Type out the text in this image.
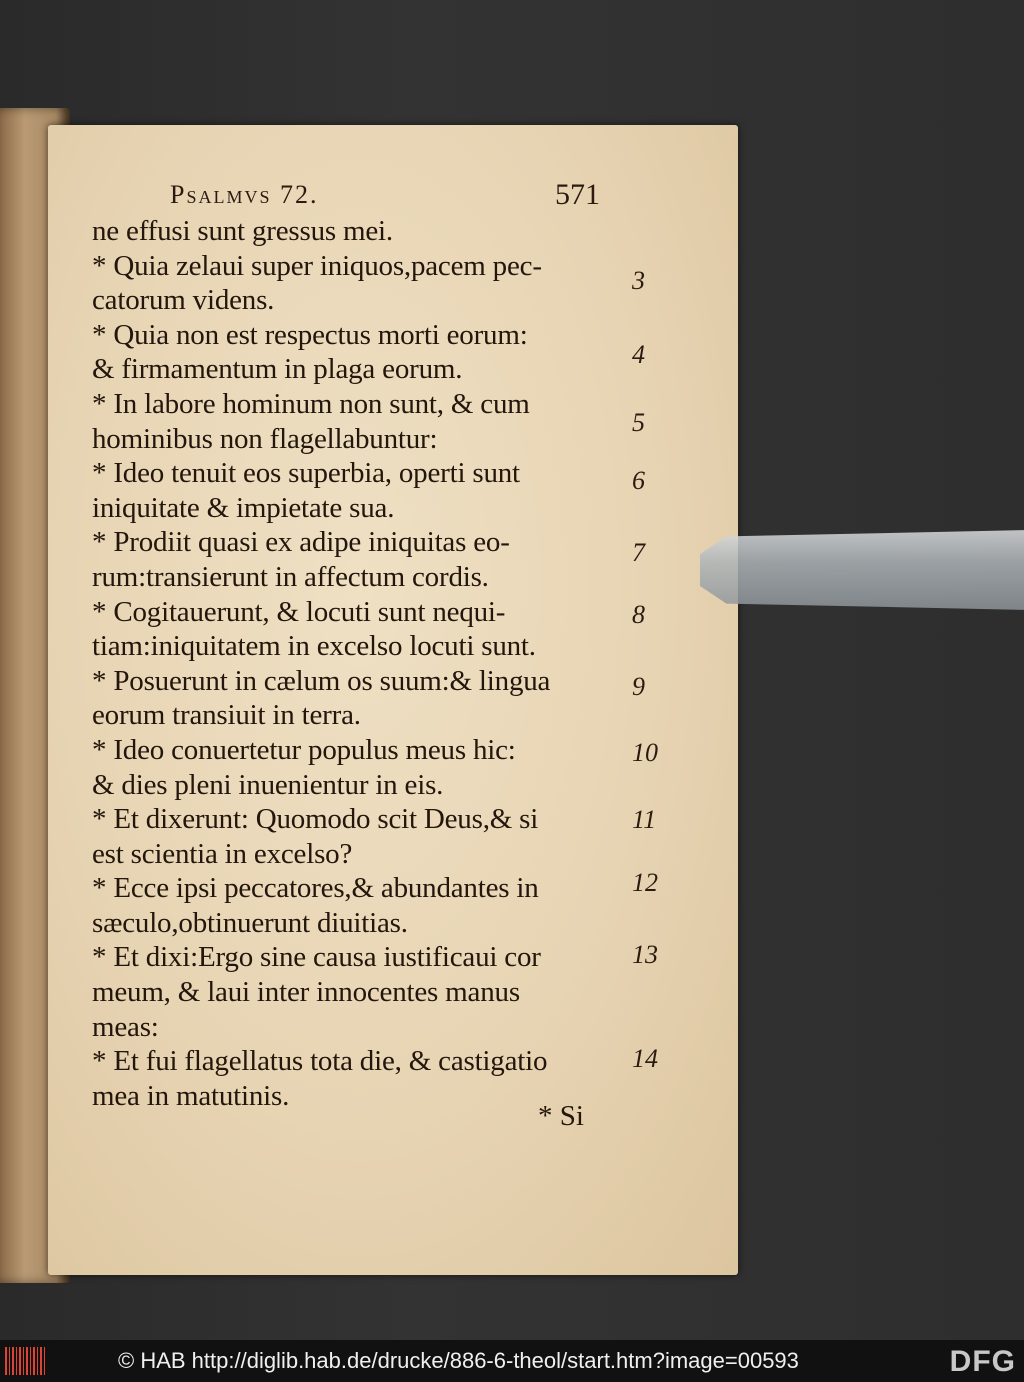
Psalmvs 72.	571
ne effusi sunt gressus mei.
* Quia zelaui super iniquos,pacem pec-
catorum videns.
* Quia non est respectus morti eorum:
& firmamentum in plaga eorum.
* In labore hominum non sunt, & cum
hominibus non flagellabuntur:
* Ideo tenuit eos superbia, operti sunt
iniquitate & impietate sua.
* Prodiit quasi ex adipe iniquitas eo-
rum:transierunt in affectum cordis.
* Cogitauerunt, & locuti sunt nequi-
tiam:iniquitatem in excelso locuti sunt.
* Posuerunt in cælum os suum:& lingua
eorum transiuit in terra.
* Ideo conuertetur populus meus hic:
& dies pleni inuenientur in eis.
* Et dixerunt: Quomodo scit Deus,& si
est scientia in excelso?
* Ecce ipsi peccatores,& abundantes in
sæculo,obtinuerunt diuitias.
* Et dixi:Ergo sine causa iustificaui cor
meum, & laui inter innocentes manus
meas:
* Et fui flagellatus tota die, & castigatio
mea in matutinis.
* Si
3
4
5
6
7
8
9
10
11
12
13
14
© HAB http://diglib.hab.de/drucke/886-6-theol/start.htm?image=00593	DFG
